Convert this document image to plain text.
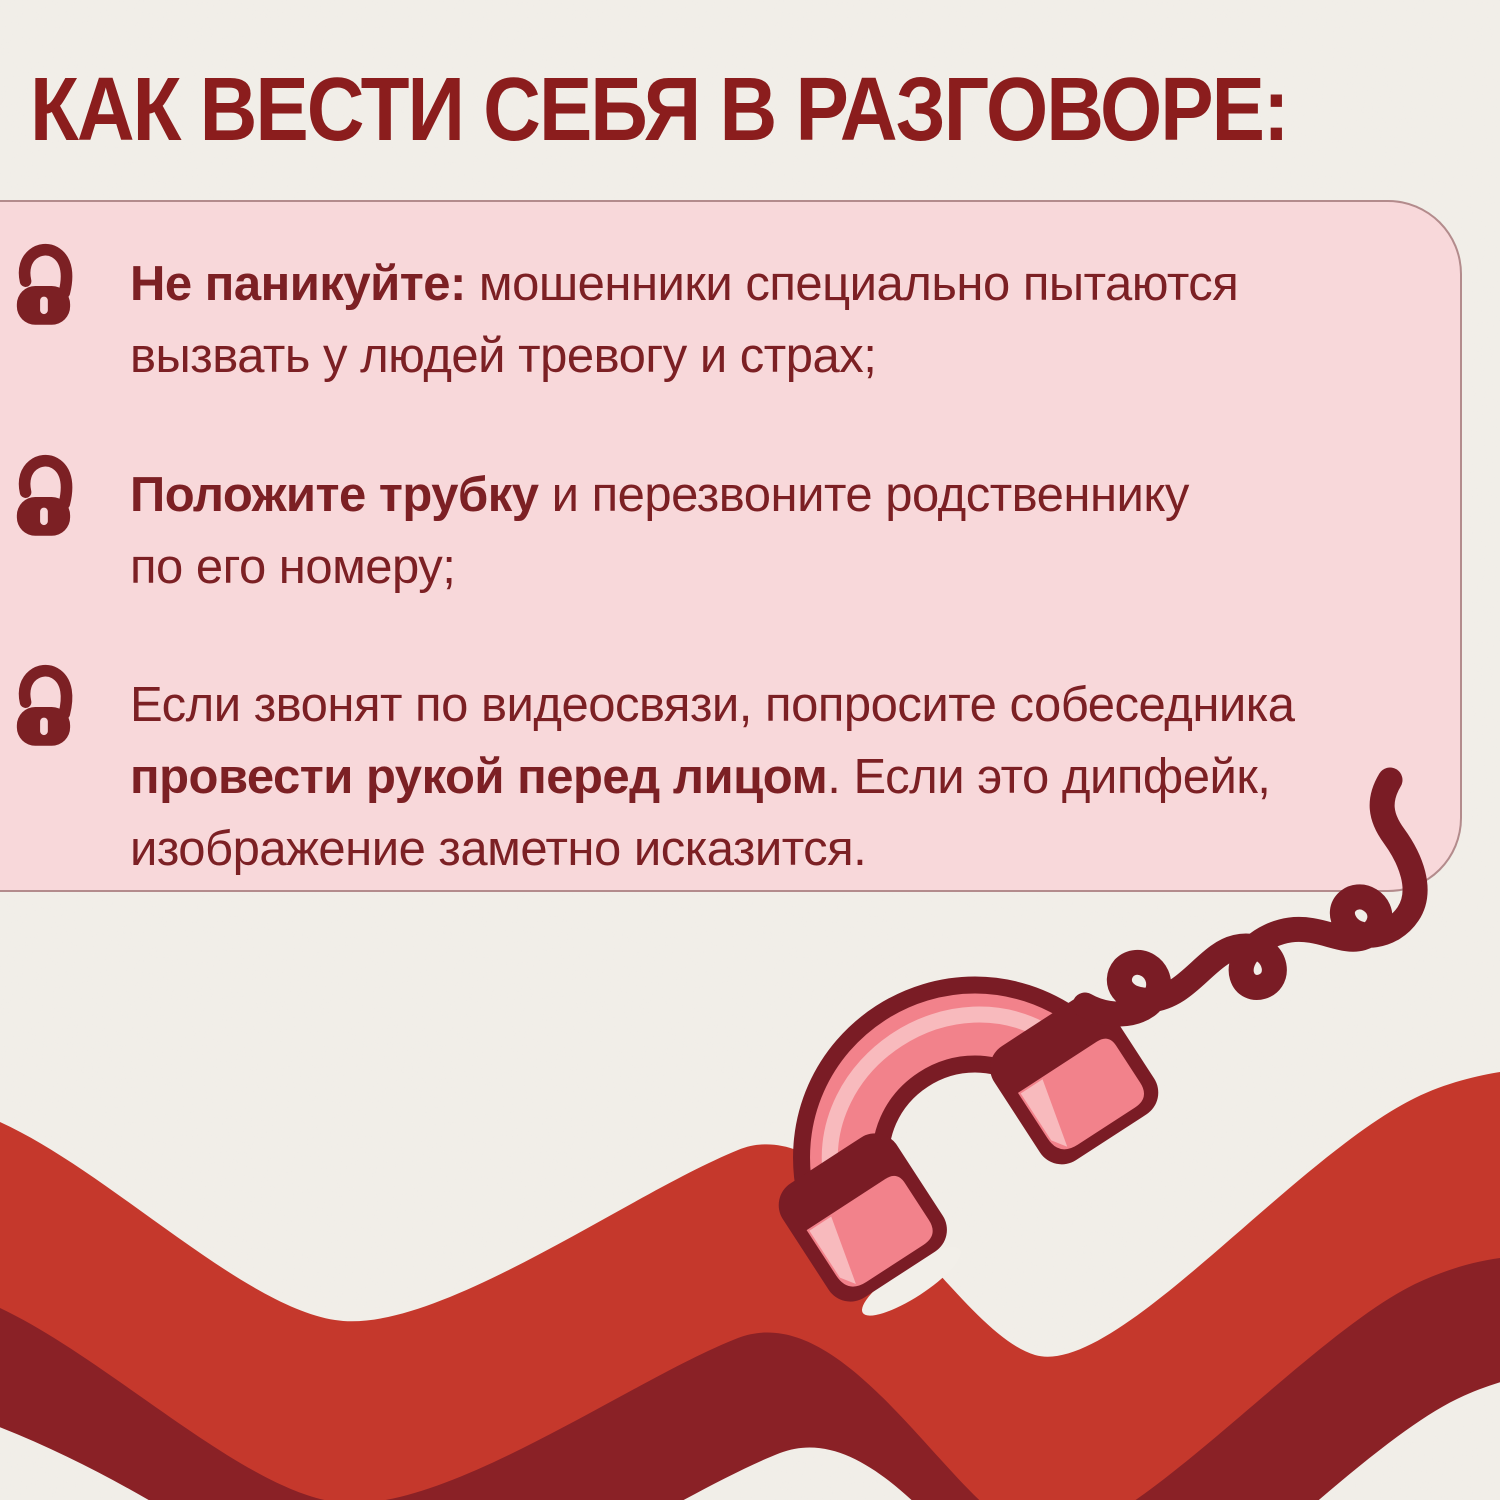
КАК ВЕСТИ СЕБЯ В РАЗГОВОРЕ:
Не паникуйте: мошенники специально пытаются
вызвать у людей тревогу и страх;
Положите трубку и перезвоните родственнику
по его номеру;
Если звонят по видеосвязи, попросите собеседника
провести рукой перед лицом. Если это дипфейк,
изображение заметно исказится.
